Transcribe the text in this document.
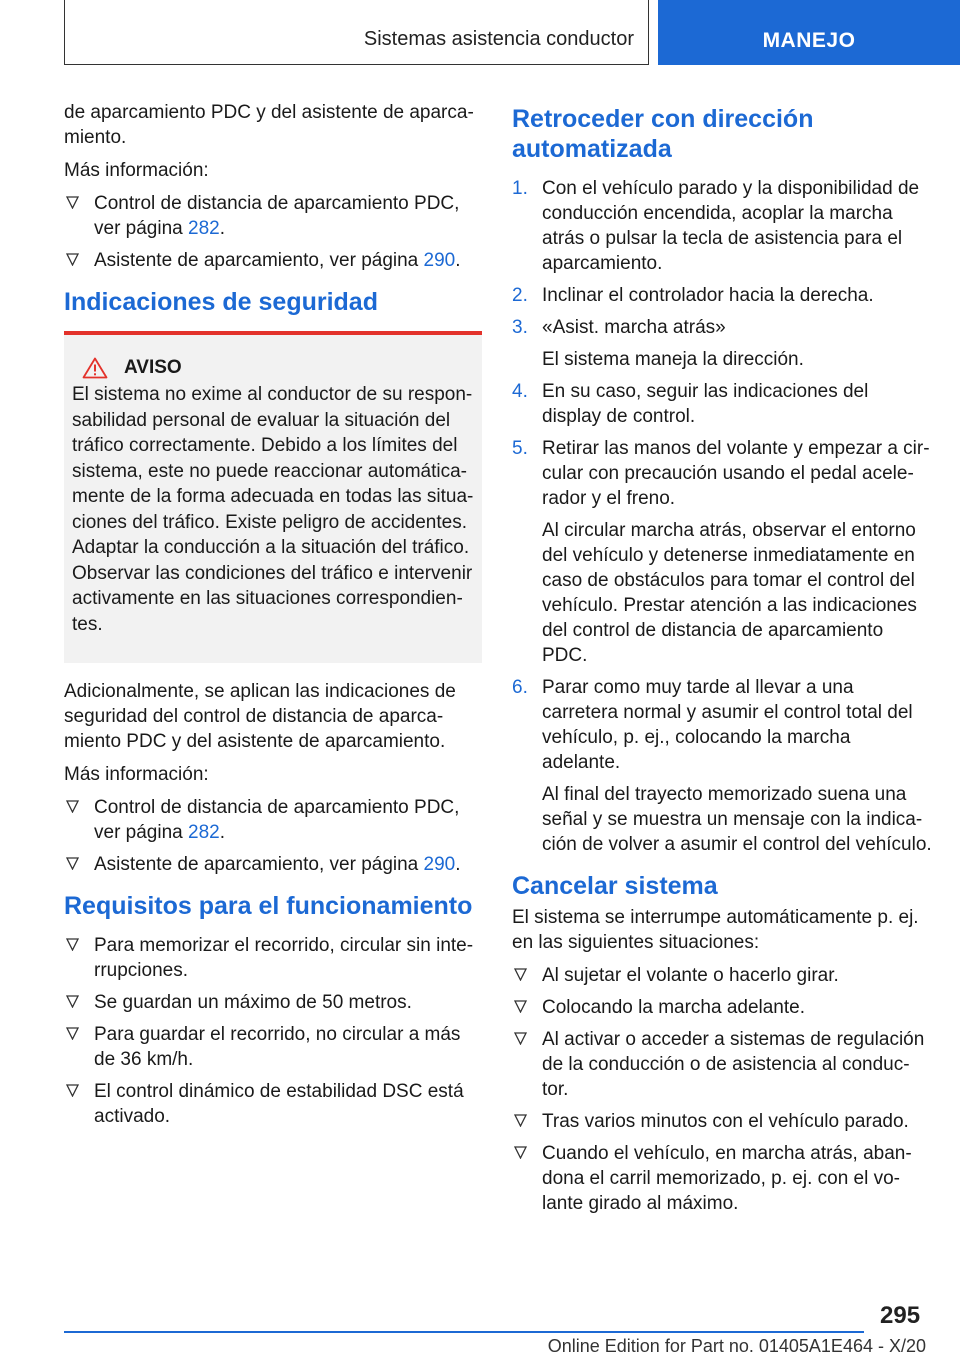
Sistemas asistencia conductor	MANEJO

de aparcamiento PDC y del asistente de aparca‐miento.

Más información:

Control de distancia de aparcamiento PDC, ver página 282.
Asistente de aparcamiento, ver página 290.
Indicaciones de seguridad
AVISO

El sistema no exime al conductor de su respon‐sabilidad personal de evaluar la situación del tráfico correctamente. Debido a los límites del sistema, este no puede reaccionar automática‐mente de la forma adecuada en todas las situa‐ciones del tráfico. Existe peligro de accidentes. Adaptar la conducción a la situación del tráfico. Observar las condiciones del tráfico e intervenir activamente en las situaciones correspondien‐tes.

Adicionalmente, se aplican las indicaciones de seguridad del control de distancia de aparca‐miento PDC y del asistente de aparcamiento.

Más información:

Control de distancia de aparcamiento PDC, ver página 282.
Asistente de aparcamiento, ver página 290.
Requisitos para el funcionamiento
Para memorizar el recorrido, circular sin inte‐rrupciones.
Se guardan un máximo de 50 metros.
Para guardar el recorrido, no circular a más de 36 km/h.
El control dinámico de estabilidad DSC está activado.
Retroceder con dirección automatizada
1. Con el vehículo parado y la disponibilidad de conducción encendida, acoplar la marcha atrás o pulsar la tecla de asistencia para el aparcamiento.
2. Inclinar el controlador hacia la derecha.
3. «Asist. marcha atrás»
El sistema maneja la dirección.
4. En su caso, seguir las indicaciones del display de control.
5. Retirar las manos del volante y empezar a cir‐cular con precaución usando el pedal acele‐rador y el freno.
Al circular marcha atrás, observar el entorno del vehículo y detenerse inmediatamente en caso de obstáculos para tomar el control del vehículo. Prestar atención a las indicaciones del control de distancia de aparcamiento PDC.
6. Parar como muy tarde al llevar a una carretera normal y asumir el control total del vehículo, p. ej., colocando la marcha adelante.
Al final del trayecto memorizado suena una señal y se muestra un mensaje con la indica‐ción de volver a asumir el control del vehículo.
Cancelar sistema

El sistema se interrumpe automáticamente p. ej. en las siguientes situaciones:

Al sujetar el volante o hacerlo girar.
Colocando la marcha adelante.
Al activar o acceder a sistemas de regulación de la conducción o de asistencia al conduc‐tor.
Tras varios minutos con el vehículo parado.
Cuando el vehículo, en marcha atrás, aban‐dona el carril memorizado, p. ej. con el vo‐lante girado al máximo.
295
Online Edition for Part no. 01405A1E464 - X/20
